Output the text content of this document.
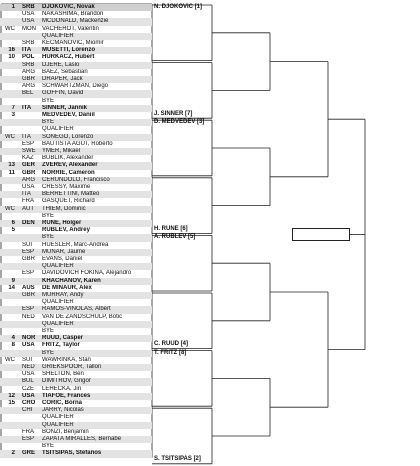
1 SRB	DJOKOVIC, Novak
USA	NAKASHIMA, Brandon
USA	MCDONALD, Mackenzie
WC MON	VACHEROT, Valentin
QUALIFIER
SRB	KECMANOVIC, Miomir
16 ITA	MUSETTI, Lorenzo
10 POL	HURKACZ, Hubert
SRB	DJERE, Laslo
ARG	BAEZ, Sebastian
GBR	DRAPER, Jack
ARG	SCHWARTZMAN, Diego
BEL	GOFFIN, David
BYE
7 ITA	SINNER, Jannik
3	MEDVEDEV, Daniil
BYE
QUALIFIER
WC ITA	SONEGO, Lorenzo
ESP	BAUTISTA AGUT, Roberto
SWE	YMER, Mikael
KAZ	BUBLIK, Alexander
13 GER	ZVEREV, Alexander
11 GBR	NORRIE, Cameron
ARG	CERUNDOLO, Francisco
USA	CRESSY, Maxime
ITA	BERRETTINI, Matteo
FRA	GASQUET, Richard
WC AUT	THIEM, Dominic
BYE
6 DEN	RUNE, Holger
5	RUBLEV, Andrey
BYE
SUI	HUESLER, Marc-Andrea
ESP	MUNAR, Jaume
GBR	EVANS, Daniel
QUALIFIER
ESP	DAVIDOVICH FOKINA, Alejandro
9	KHACHANOV, Karen
14 AUS	DE MINAUR, Alex
GBR	MURRAY, Andy
QUALIFIER
ESP	RAMOS-VINOLAS, Albert
NED	VAN DE ZANDSCHULP, Botic
QUALIFIER
BYE
4 NOR	RUUD, Casper
8 USA	FRITZ, Taylor
BYE
WC SUI	WAWRINKA, Stan
NED	GRIEKSPOOR, Tallon
USA	SHELTON, Ben
BUL	DIMITROV, Grigor
CZE	LEHECKA, Jiri
12 USA	TIAFOE, Frances
15 CRO	CORIC, Borna
CHI	JARRY, Nicolas
QUALIFIER
QUALIFIER
FRA	BONZI, Benjamin
ESP	ZAPATA MIRALLES, Bernabe
BYE
2 GRE	TSITSIPAS, Stefanos
N. DJOKOVIC [1]
J. SINNER [7]
D. MEDVEDEV [3]
H. RUNE [6]
A. RUBLEV [5]
C. RUUD [4]
T. FRITZ [8]
S. TSITSIPAS [2]
